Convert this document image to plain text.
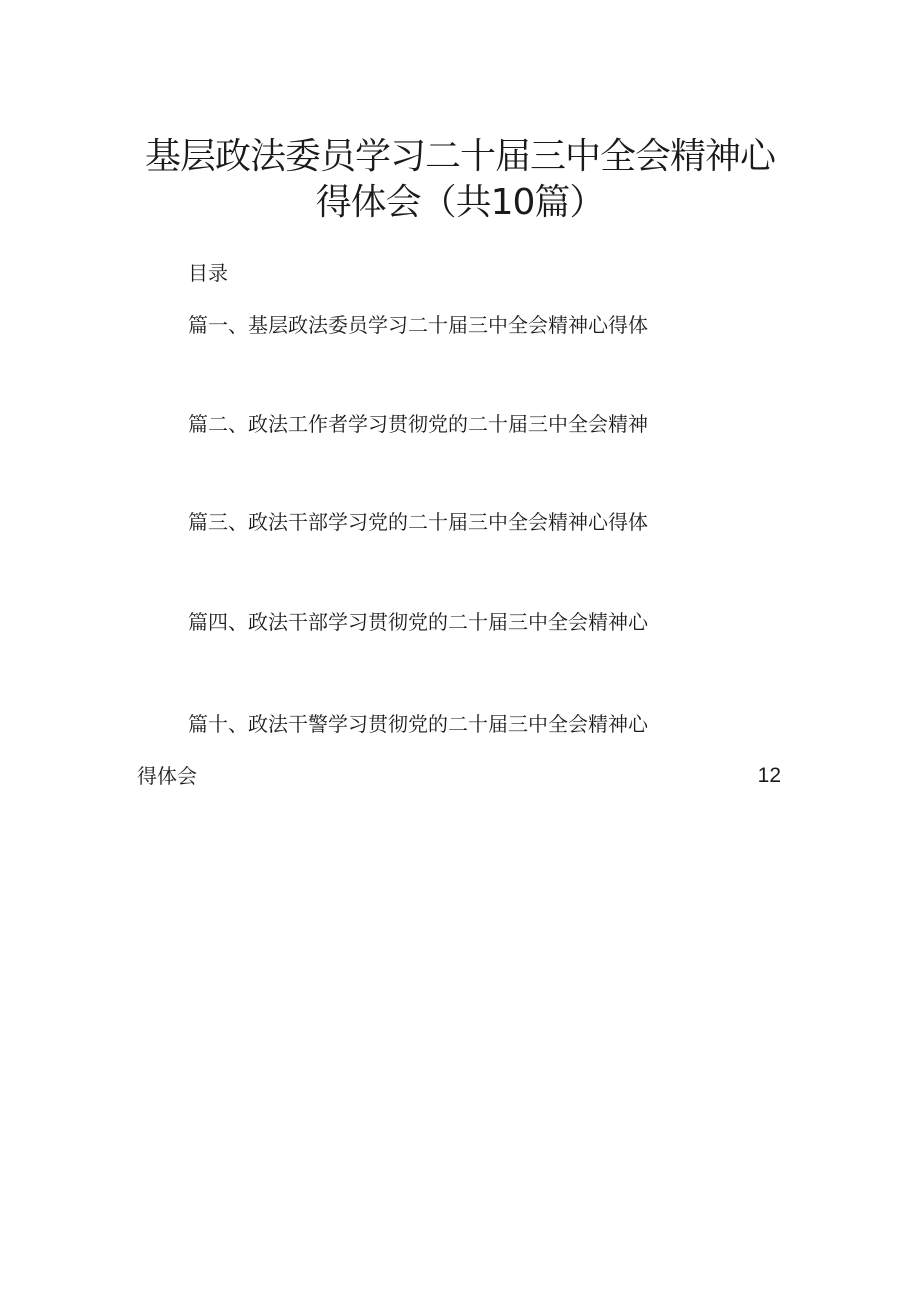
基层政法委员学习二十届三中全会精神心
得体会（共10篇）
目录
篇一、基层政法委员学习二十届三中全会精神心得体
篇二、政法工作者学习贯彻党的二十届三中全会精神
篇三、政法干部学习党的二十届三中全会精神心得体
篇四、政法干部学习贯彻党的二十届三中全会精神心
篇十、政法干警学习贯彻党的二十届三中全会精神心
得体会	12
